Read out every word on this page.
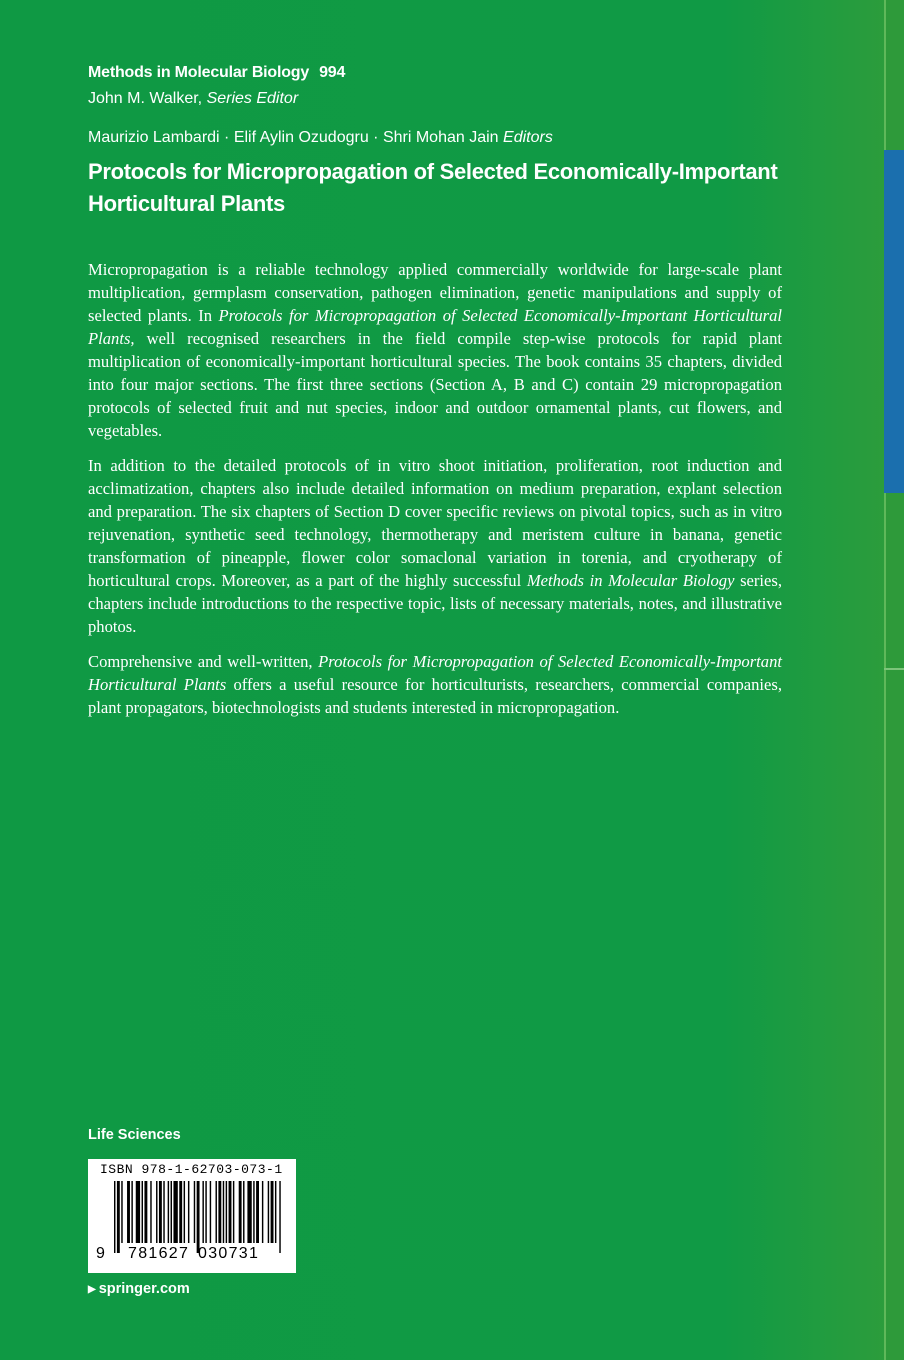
Methods in Molecular Biology 994
John M. Walker, Series Editor
Maurizio Lambardi · Elif Aylin Ozudogru · Shri Mohan Jain Editors
Protocols for Micropropagation of Selected Economically-Important Horticultural Plants

Micropropagation is a reliable technology applied commercially worldwide for large-scale plant multiplication, germplasm conservation, pathogen elimination, genetic manipulations and supply of selected plants. In Protocols for Micropropagation of Selected Economically-Important Horticultural Plants, well recognised researchers in the field compile step-wise protocols for rapid plant multiplication of economically-important horticultural species. The book contains 35 chapters, divided into four major sections. The first three sections (Section A, B and C) contain 29 micropropagation protocols of selected fruit and nut species, indoor and outdoor ornamental plants, cut flowers, and vegetables.

In addition to the detailed protocols of in vitro shoot initiation, proliferation, root induction and acclimatization, chapters also include detailed information on medium preparation, explant selection and preparation. The six chapters of Section D cover specific reviews on pivotal topics, such as in vitro rejuvenation, synthetic seed technology, thermotherapy and meristem culture in banana, genetic transformation of pineapple, flower color somaclonal variation in torenia, and cryotherapy of horticultural crops. Moreover, as a part of the highly successful Methods in Molecular Biology series, chapters include introductions to the respective topic, lists of necessary materials, notes, and illustrative photos.

Comprehensive and well-written, Protocols for Micropropagation of Selected Economically-Important Horticultural Plants offers a useful resource for horticulturists, researchers, commercial companies, plant propagators, biotechnologists and students interested in micropropagation.

Life Sciences
ISBN 978-1-62703-073-1
9 781627 030731
▶ springer.com
